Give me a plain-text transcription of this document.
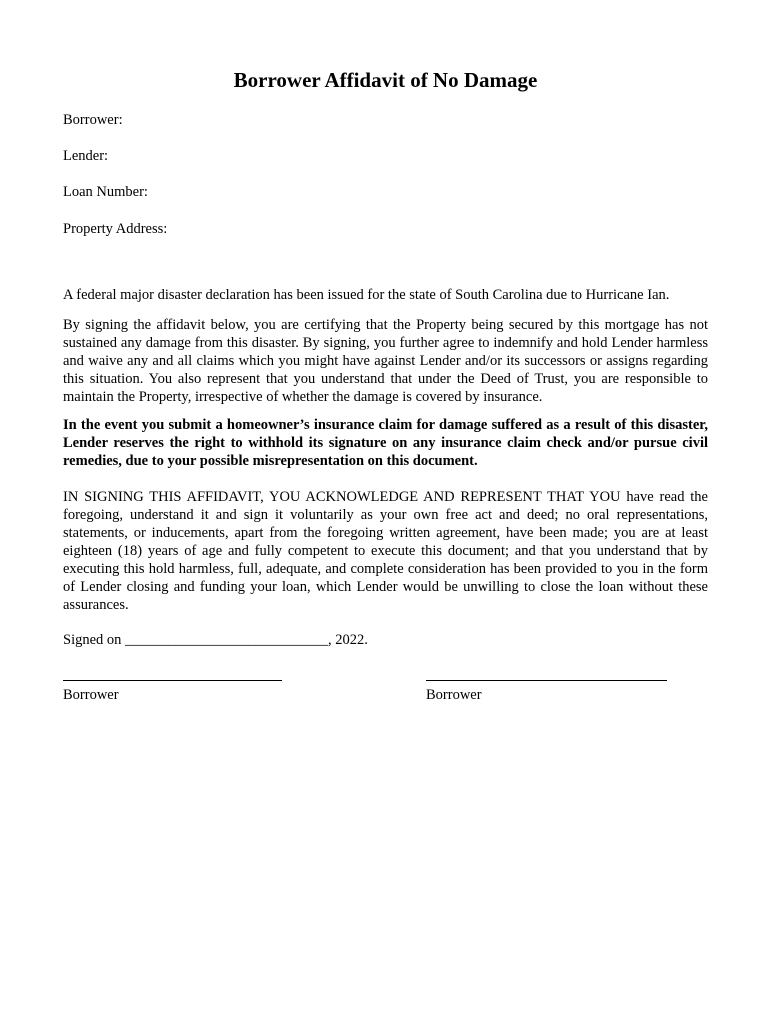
Borrower Affidavit of No Damage
Borrower:
Lender:
Loan Number:
Property Address:

A federal major disaster declaration has been issued for the state of South Carolina due to Hurricane Ian.

By signing the affidavit below, you are certifying that the Property being secured by this mortgage has not sustained any damage from this disaster. By signing, you further agree to indemnify and hold Lender harmless and waive any and all claims which you might have against Lender and/or its successors or assigns regarding this situation. You also represent that you understand that under the Deed of Trust, you are responsible to maintain the Property, irrespective of whether the damage is covered by insurance.

In the event you submit a homeowner’s insurance claim for damage suffered as a result of this disaster, Lender reserves the right to withhold its signature on any insurance claim check and/or pursue civil remedies, due to your possible misrepresentation on this document.

IN SIGNING THIS AFFIDAVIT, YOU ACKNOWLEDGE AND REPRESENT THAT YOU have read the foregoing, understand it and sign it voluntarily as your own free act and deed; no oral representations, statements, or inducements, apart from the foregoing written agreement, have been made; you are at least eighteen (18) years of age and fully competent to execute this document; and that you understand that by executing this hold harmless, full, adequate, and complete consideration has been provided to you in the form of Lender closing and funding your loan, which Lender would be unwilling to close the loan without these assurances.

Signed on ____________________________, 2022.
Borrower	Borrower
